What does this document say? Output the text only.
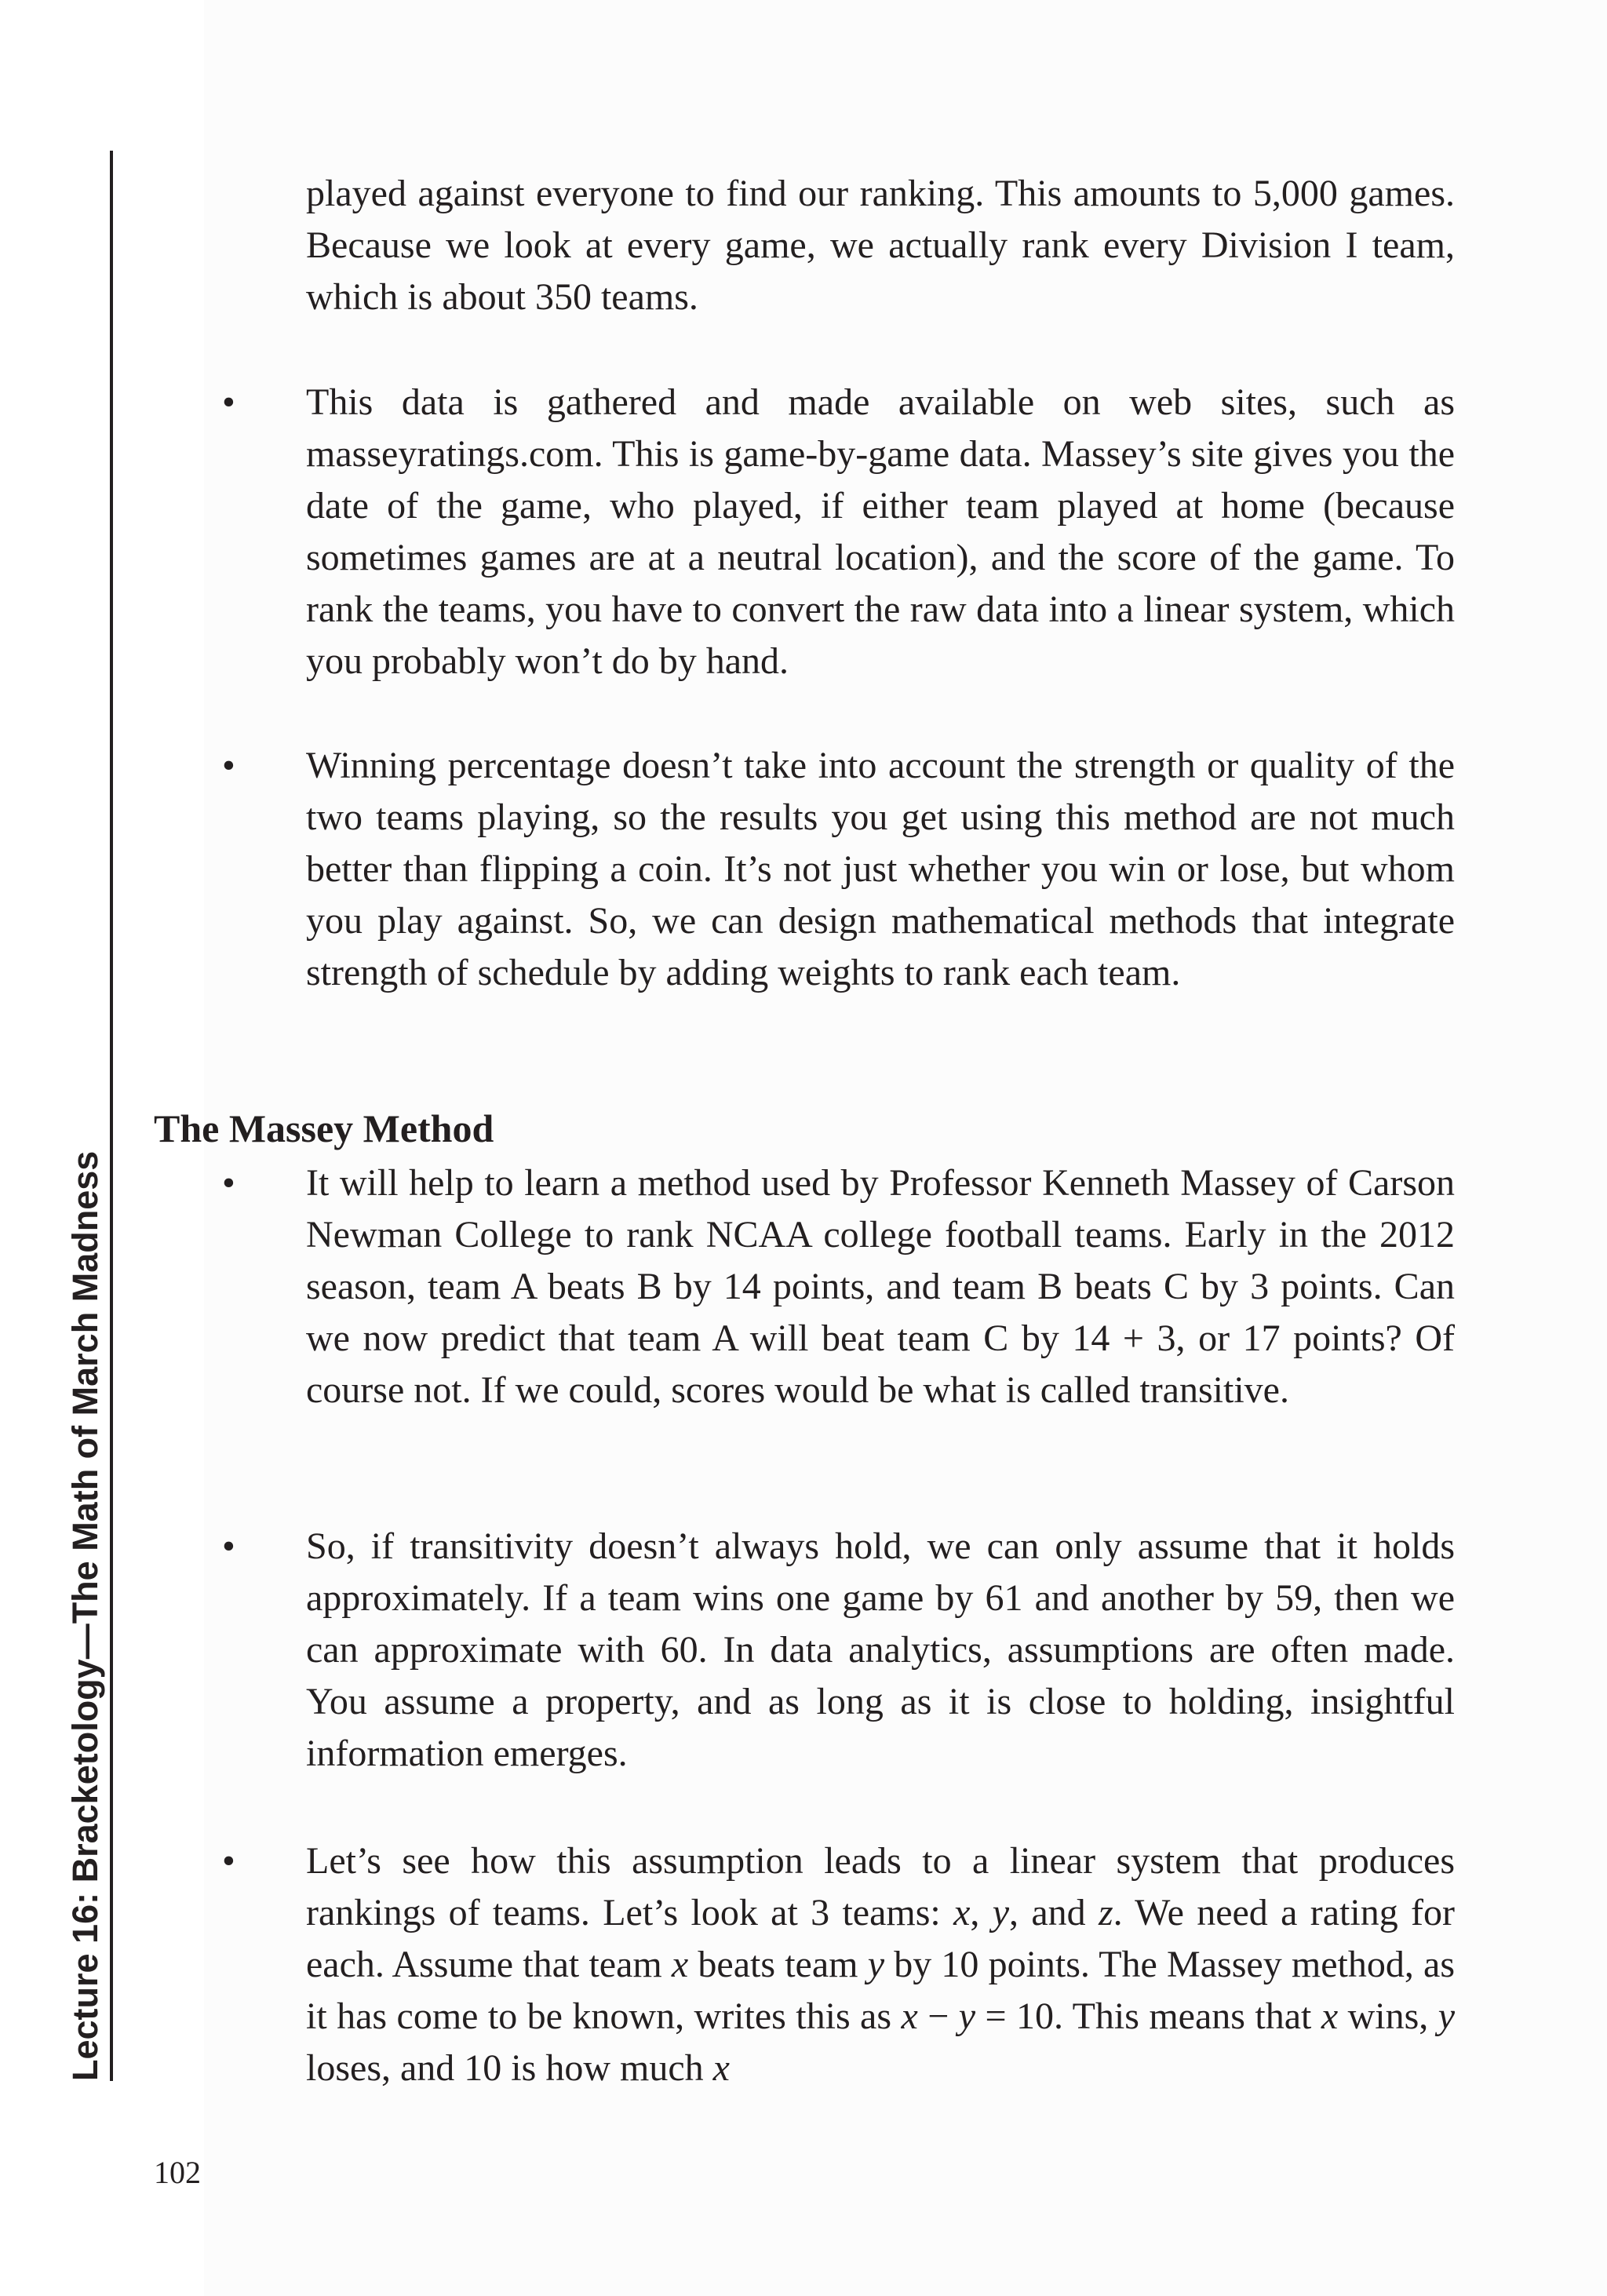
Lecture 16: Bracketology—The Math of March Madness

played against everyone to find our ranking. This amounts to 5,000 games. Because we look at every game, we actually rank every Division I team, which is about 350 teams.

• This data is gathered and made available on web sites, such as masseyratings.com. This is game-by-game data. Massey’s site gives you the date of the game, who played, if either team played at home (because sometimes games are at a neutral location), and the score of the game. To rank the teams, you have to convert the raw data into a linear system, which you probably won’t do by hand.

• Winning percentage doesn’t take into account the strength or quality of the two teams playing, so the results you get using this method are not much better than flipping a coin. It’s not just whether you win or lose, but whom you play against. So, we can design mathematical methods that integrate strength of schedule by adding weights to rank each team.

The Massey Method
• It will help to learn a method used by Professor Kenneth Massey of Carson Newman College to rank NCAA college football teams. Early in the 2012 season, team A beats B by 14 points, and team B beats C by 3 points. Can we now predict that team A will beat team C by 14 + 3, or 17 points? Of course not. If we could, scores would be what is called transitive.

• So, if transitivity doesn’t always hold, we can only assume that it holds approximately. If a team wins one game by 61 and another by 59, then we can approximate with 60. In data analytics, assumptions are often made. You assume a property, and as long as it is close to holding, insightful information emerges.

• Let’s see how this assumption leads to a linear system that produces rankings of teams. Let’s look at 3 teams: x, y, and z. We need a rating for each. Assume that team x beats team y by 10 points. The Massey method, as it has come to be known, writes this as x − y = 10. This means that x wins, y loses, and 10 is how much x

102
